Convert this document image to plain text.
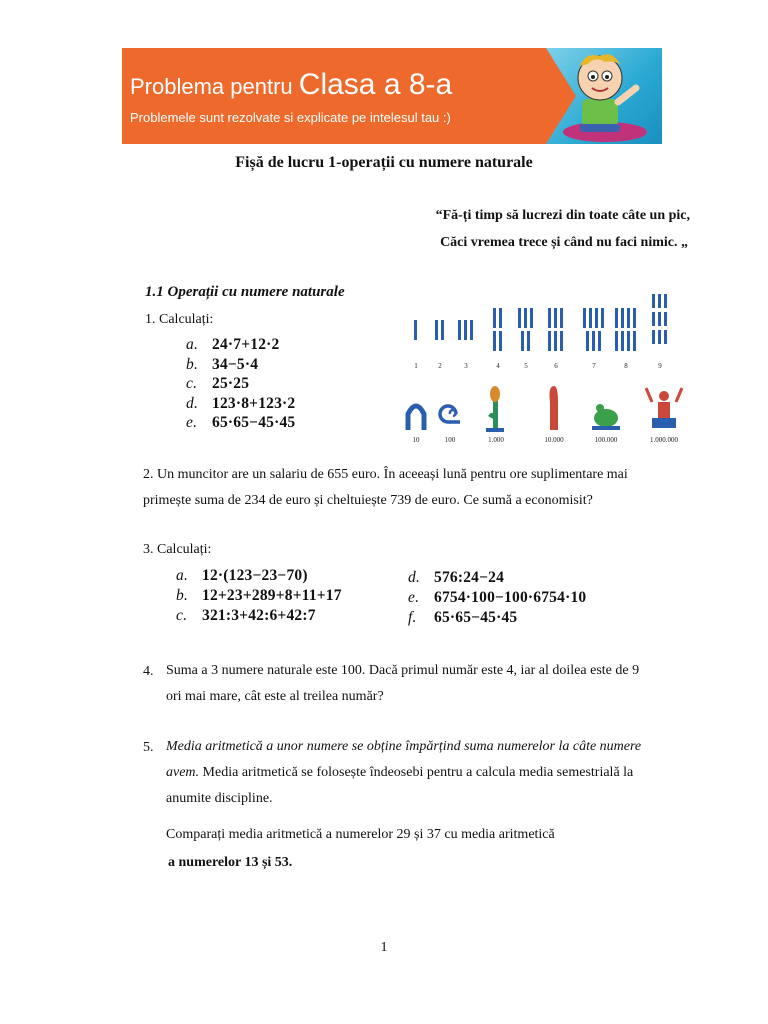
Problema pentru Clasa a 8-a
Problemele sunt rezolvate si explicate pe intelesul tau :)
Fișă de lucru 1-operații cu numere naturale
“Fă-ți timp să lucrezi din toate câte un pic,
Căci vremea trece și când nu faci nimic. „
1.1 Operații cu numere naturale
1. Calculați:
a. 24·7+12·2
b. 34−5·4
c. 25·25
d. 123·8+123·2
e. 65·65−45·45
1	2	3	4	5	6	7	8	9
10	100	1.000	10.000	100.000	1.000.000
2. Un muncitor are un salariu de 655 euro. În aceeași lună pentru ore suplimentare mai
primește suma de 234 de euro și cheltuiește 739 de euro. Ce sumă a economisit?
3. Calculați:
a. 12·(123−23−70)
b. 12+23+289+8+11+17
c. 321:3+42:6+42:7
d. 576:24−24
e. 6754·100−100·6754·10
f. 65·65−45·45
4. Suma a 3 numere naturale este 100. Dacă primul număr este 4, iar al doilea este de 9
ori mai mare, cât este al treilea număr?
5. Media aritmetică a unor numere se obține împărțind suma numerelor la câte numere
avem. Media aritmetică se folosește îndeosebi pentru a calcula media semestrială la
anumite discipline.
Comparați media aritmetică a numerelor 29 și 37 cu media aritmetică
a numerelor 13 și 53.
1
